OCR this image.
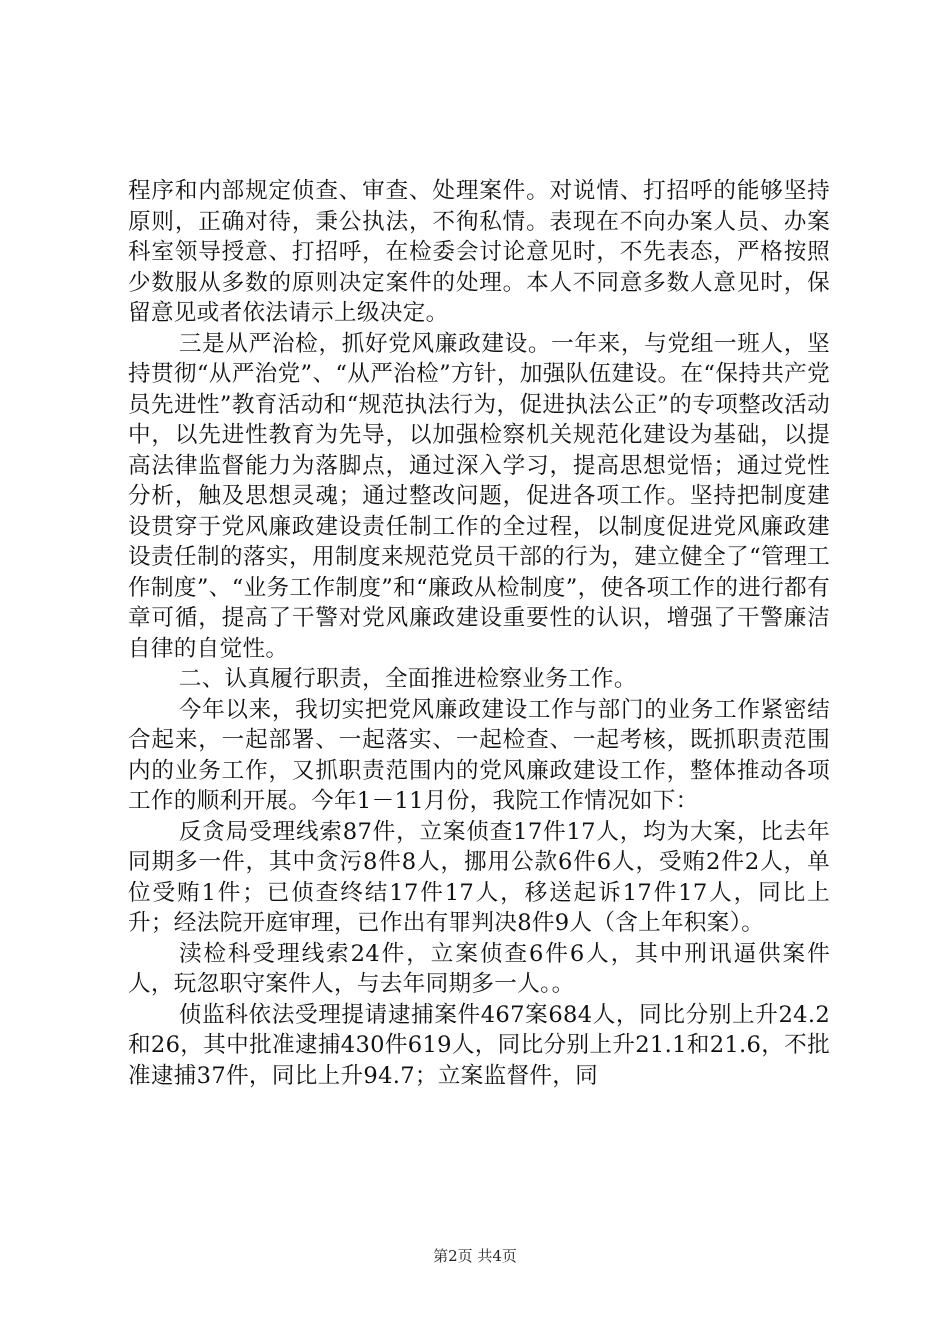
程序和内部规定侦查、审查、处理案件。对说情、打招呼的能够坚持原则，正确对待，秉公执法，不徇私情。表现在不向办案人员、办案科室领导授意、打招呼，在检委会讨论意见时，不先表态，严格按照少数服从多数的原则决定案件的处理。本人不同意多数人意见时，保留意见或者依法请示上级决定。

三是从严治检，抓好党风廉政建设。一年来，与党组一班人，坚持贯彻“从严治党”、“从严治检”方针，加强队伍建设。在“保持共产党员先进性”教育活动和“规范执法行为，促进执法公正”的专项整改活动中，以先进性教育为先导，以加强检察机关规范化建设为基础，以提高法律监督能力为落脚点，通过深入学习，提高思想觉悟；通过党性分析，触及思想灵魂；通过整改问题，促进各项工作。坚持把制度建设贯穿于党风廉政建设责任制工作的全过程，以制度促进党风廉政建设责任制的落实，用制度来规范党员干部的行为，建立健全了“管理工作制度”、“业务工作制度”和“廉政从检制度”，使各项工作的进行都有章可循，提高了干警对党风廉政建设重要性的认识，增强了干警廉洁自律的自觉性。

二、认真履行职责，全面推进检察业务工作。

今年以来，我切实把党风廉政建设工作与部门的业务工作紧密结合起来，一起部署、一起落实、一起检查、一起考核，既抓职责范围内的业务工作，又抓职责范围内的党风廉政建设工作，整体推动各项工作的顺利开展。今年1－11月份，我院工作情况如下：

反贪局受理线索87件，立案侦查17件17人，均为大案，比去年同期多一件，其中贪污8件8人，挪用公款6件6人，受贿2件2人，单位受贿1件；已侦查终结17件17人，移送起诉17件17人，同比上升；经法院开庭审理，已作出有罪判决8件9人（含上年积案）。

渎检科受理线索24件，立案侦查6件6人，其中刑讯逼供案件人，玩忽职守案件人，与去年同期多一人。。

侦监科依法受理提请逮捕案件467案684人，同比分别上升24.2和26，其中批准逮捕430件619人，同比分别上升21.1和21.6，不批准逮捕37件，同比上升94.7；立案监督件，同

第2页 共4页
